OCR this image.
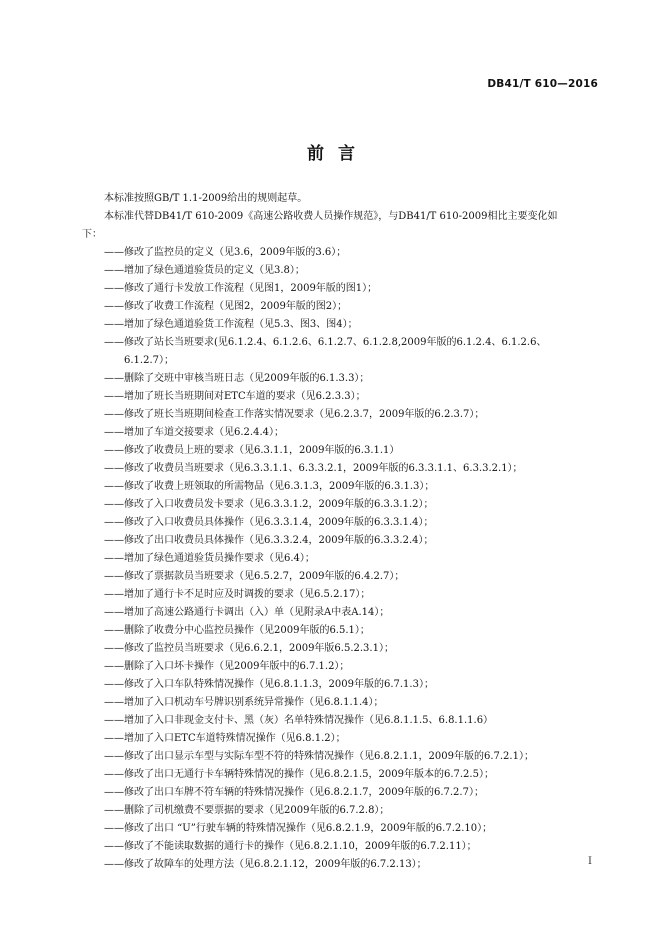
DB41/T 610—2016
前言
本标准按照GB/T 1.1-2009给出的规则起草。
本标准代替DB41/T 610-2009《高速公路收费人员操作规范》，与DB41/T 610-2009相比主要变化如
下：
——修改了监控员的定义（见3.6，2009年版的3.6）；
——增加了绿色通道验货员的定义（见3.8）；
——修改了通行卡发放工作流程（见图1，2009年版的图1）；
——修改了收费工作流程（见图2，2009年版的图2）；
——增加了绿色通道验货工作流程（见5.3、图3、图4）；
——修改了站长当班要求(见6.1.2.4、6.1.2.6、6.1.2.7、6.1.2.8,2009年版的6.1.2.4、6.1.2.6、
6.1.2.7）；
——删除了交班中审核当班日志（见2009年版的6.1.3.3）；
——增加了班长当班期间对ETC车道的要求（见6.2.3.3）；
——修改了班长当班期间检查工作落实情况要求（见6.2.3.7，2009年版的6.2.3.7）；
——增加了车道交接要求（见6.2.4.4）；
——修改了收费员上班的要求（见6.3.1.1，2009年版的6.3.1.1）
——修改了收费员当班要求（见6.3.3.1.1、6.3.3.2.1，2009年版的6.3.3.1.1、6.3.3.2.1）；
——修改了收费上班领取的所需物品（见6.3.1.3，2009年版的6.3.1.3）；
——修改了入口收费员发卡要求（见6.3.3.1.2，2009年版的6.3.3.1.2）；
——修改了入口收费员具体操作（见6.3.3.1.4，2009年版的6.3.3.1.4）；
——修改了出口收费员具体操作（见6.3.3.2.4，2009年版的6.3.3.2.4）；
——增加了绿色通道验货员操作要求（见6.4）；
——修改了票据款员当班要求（见6.5.2.7，2009年版的6.4.2.7）；
——增加了通行卡不足时应及时调拨的要求（见6.5.2.17）；
——增加了高速公路通行卡调出（入）单（见附录A中表A.14）；
——删除了收费分中心监控员操作（见2009年版的6.5.1）；
——修改了监控员当班要求（见6.6.2.1，2009年版6.5.2.3.1）；
——删除了入口坏卡操作（见2009年版中的6.7.1.2）；
——修改了入口车队特殊情况操作（见6.8.1.1.3，2009年版的6.7.1.3）；
——增加了入口机动车号牌识别系统异常操作（见6.8.1.1.4）；
——增加了入口非现金支付卡、黑（灰）名单特殊情况操作（见6.8.1.1.5、6.8.1.1.6）
——增加了入口ETC车道特殊情况操作（见6.8.1.2）；
——修改了出口显示车型与实际车型不符的特殊情况操作（见6.8.2.1.1，2009年版的6.7.2.1）；
——修改了出口无通行卡车辆特殊情况的操作（见6.8.2.1.5，2009年版本的6.7.2.5）；
——修改了出口车牌不符车辆的特殊情况操作（见6.8.2.1.7，2009年版的6.7.2.7）；
——删除了司机缴费不要票据的要求（见2009年版的6.7.2.8）；
——修改了出口 “U”行驶车辆的特殊情况操作（见6.8.2.1.9，2009年版的6.7.2.10）；
——修改了不能读取数据的通行卡的操作（见6.8.2.1.10，2009年版的6.7.2.11）；
——修改了故障车的处理方法（见6.8.2.1.12，2009年版的6.7.2.13）；	I
